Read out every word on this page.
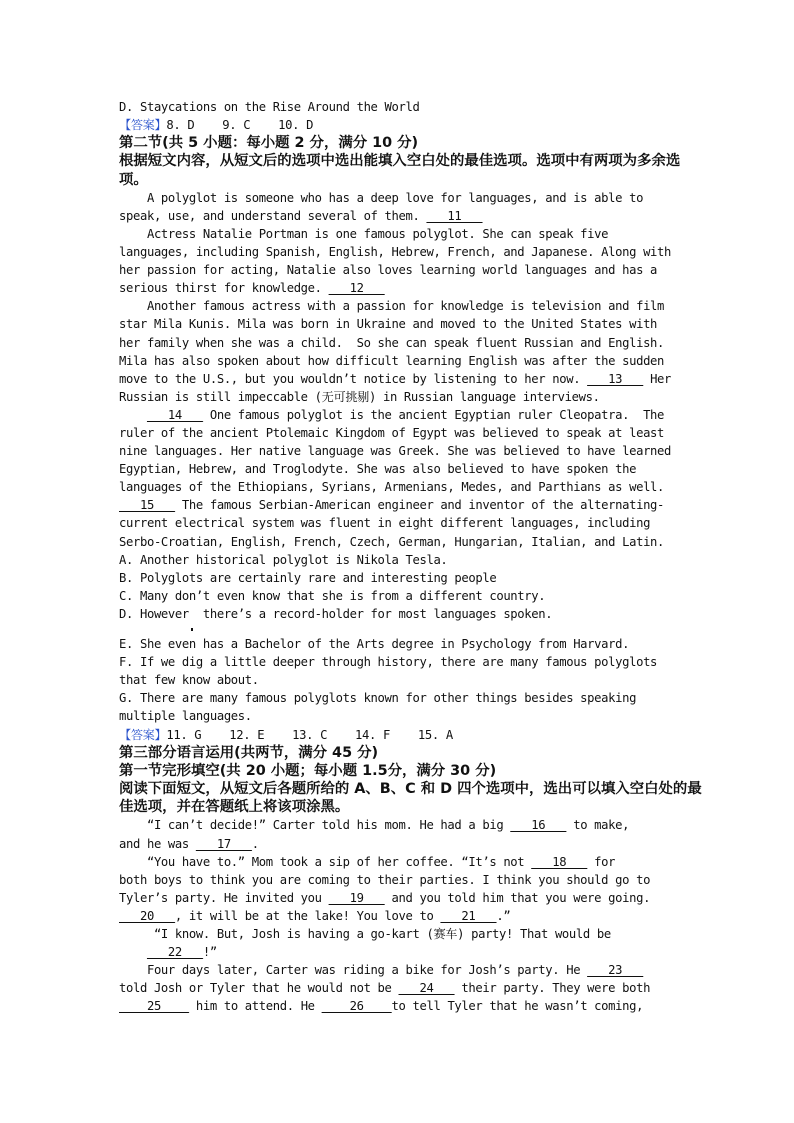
D. Staycations on the Rise Around the World
【答案】8. D    9. C    10. D
第二节(共 5 小题：每小题 2 分，满分 10 分)
根据短文内容，从短文后的选项中选出能填入空白处的最佳选项。选项中有两项为多余选
项。
A polyglot is someone who has a deep love for languages, and is able to
speak, use, and understand several of them. ___11___
Actress Natalie Portman is one famous polyglot. She can speak five
languages, including Spanish, English, Hebrew, French, and Japanese. Along with
her passion for acting, Natalie also loves learning world languages and has a
serious thirst for knowledge. ___12___
Another famous actress with a passion for knowledge is television and film
star Mila Kunis. Mila was born in Ukraine and moved to the United States with
her family when she was a child.  So she can speak fluent Russian and English.
Mila has also spoken about how difficult learning English was after the sudden
move to the U.S., but you wouldn’t notice by listening to her now. ___13___ Her
Russian is still impeccable (无可挑剔) in Russian language interviews.
___14___ One famous polyglot is the ancient Egyptian ruler Cleopatra.  The
ruler of the ancient Ptolemaic Kingdom of Egypt was believed to speak at least
nine languages. Her native language was Greek. She was believed to have learned
Egyptian, Hebrew, and Troglodyte. She was also believed to have spoken the
languages of the Ethiopians, Syrians, Armenians, Medes, and Parthians as well.
___15___ The famous Serbian-American engineer and inventor of the alternating-
current electrical system was fluent in eight different languages, including
Serbo-Croatian, English, French, Czech, German, Hungarian, Italian, and Latin.
A. Another historical polyglot is Nikola Tesla.
B. Polyglots are certainly rare and interesting people
C. Many don’t even know that she is from a different country.
D. However  there’s a record-holder for most languages spoken.
E. She even has a Bachelor of the Arts degree in Psychology from Harvard.
F. If we dig a little deeper through history, there are many famous polyglots
that few know about.
G. There are many famous polyglots known for other things besides speaking
multiple languages.
【答案】11. G    12. E    13. C    14. F    15. A
第三部分语言运用(共两节，满分 45 分)
第一节完形填空(共 20 小题；每小题 1.5分，满分 30 分)
阅读下面短文，从短文后各题所给的 A、B、C 和 D 四个选项中，选出可以填入空白处的最
佳选项，并在答题纸上将该项涂黑。
“I can’t decide!” Carter told his mom. He had a big ___16___ to make,
and he was ___17___.
“You have to.” Mom took a sip of her coffee. “It’s not ___18___ for
both boys to think you are coming to their parties. I think you should go to
Tyler’s party. He invited you ___19___ and you told him that you were going.
___20___, it will be at the lake! You love to ___21___.”
“I know. But, Josh is having a go-kart (赛车) party! That would be
___22___!”
Four days later, Carter was riding a bike for Josh’s party. He ___23___
told Josh or Tyler that he would not be ___24___ their party. They were both
____25____ him to attend. He ____26____to tell Tyler that he wasn’t coming,
